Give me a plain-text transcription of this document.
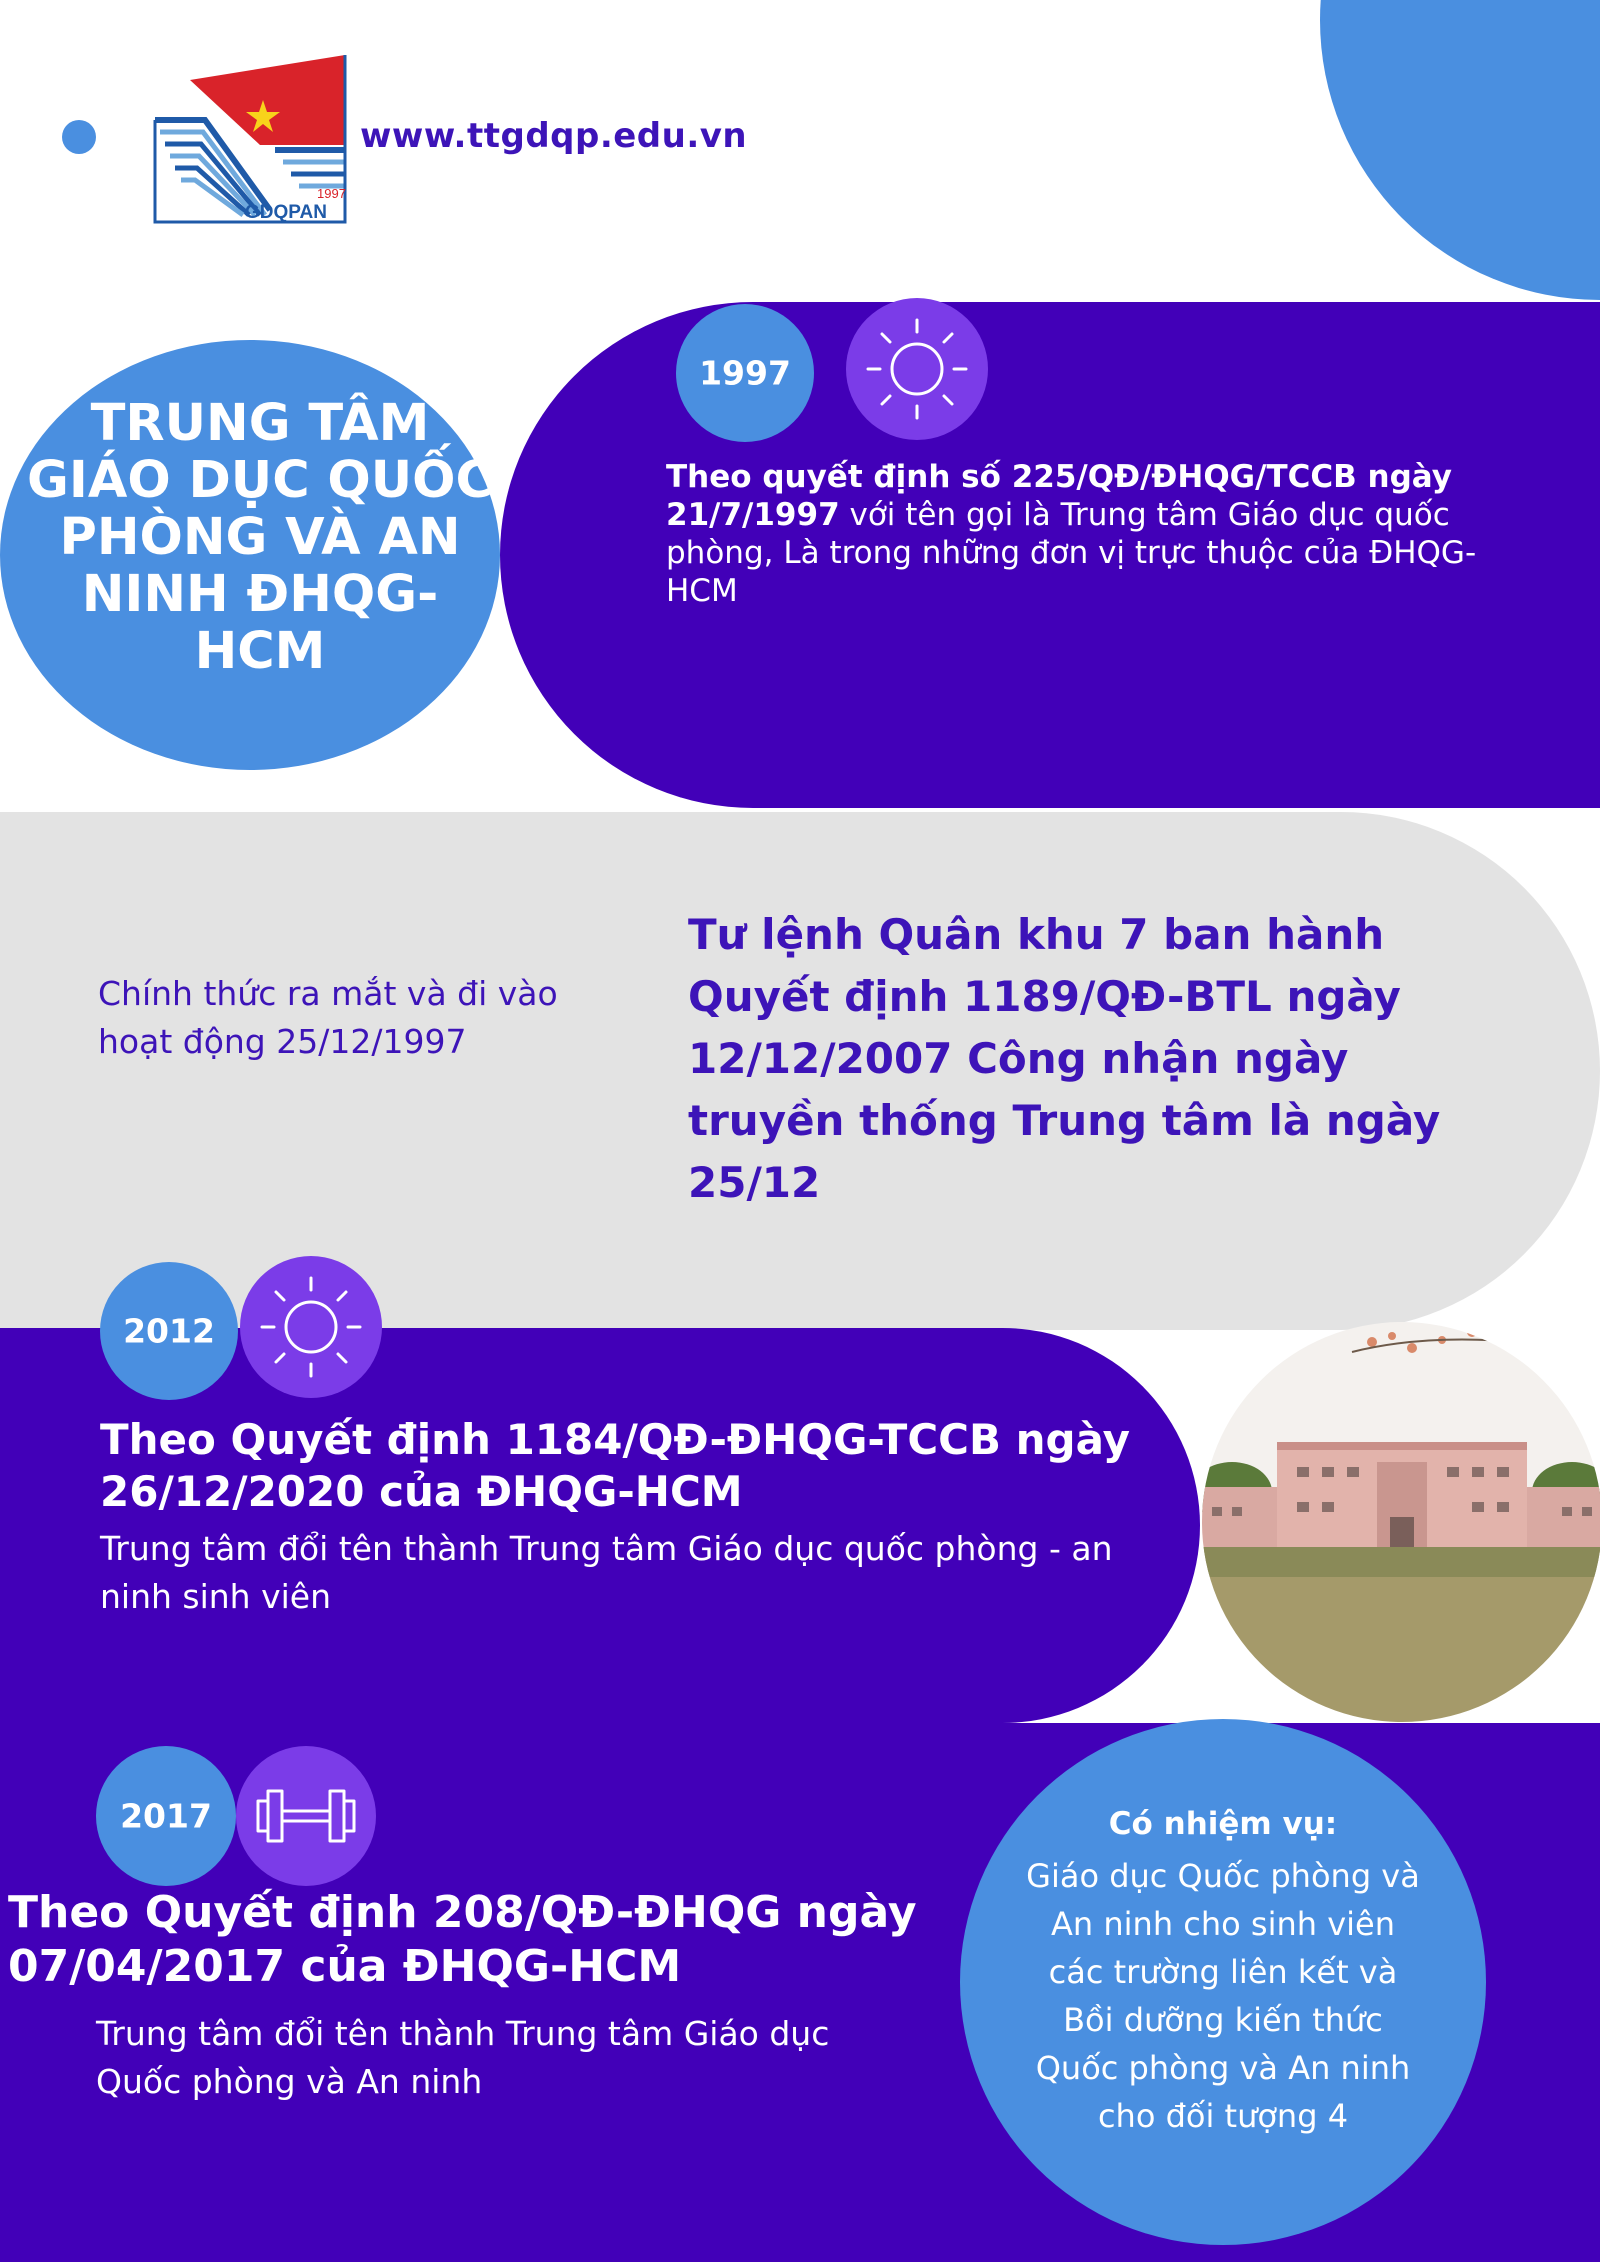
1997
GDQPAN
www.ttgdqp.edu.vn
TRUNG TÂM GIÁO DỤC QUỐC PHÒNG VÀ AN NINH ĐHQG-HCM
1997
Theo quyết định số 225/QĐ/ĐHQG/TCCB ngày 21/7/1997 với tên gọi là Trung tâm Giáo dục quốc phòng, Là trong những đơn vị trực thuộc của ĐHQG-HCM
Chính thức ra mắt và đi vào hoạt động 25/12/1997
Tư lệnh Quân khu 7 ban hành Quyết định 1189/QĐ-BTL ngày 12/12/2007 Công nhận ngày truyền thống Trung tâm là ngày 25/12
2012
Theo Quyết định 1184/QĐ-ĐHQG-TCCB ngày 26/12/2020 của ĐHQG-HCM
Trung tâm đổi tên thành Trung tâm Giáo dục quốc phòng - an ninh sinh viên
2017
Theo Quyết định 208/QĐ-ĐHQG ngày 07/04/2017 của ĐHQG-HCM
Trung tâm đổi tên thành Trung tâm Giáo dục Quốc phòng và An ninh
Có nhiệm vụ:
Giáo dục Quốc phòng và An ninh cho sinh viên các trường liên kết và Bồi dưỡng kiến thức Quốc phòng và An ninh cho đối tượng 4
